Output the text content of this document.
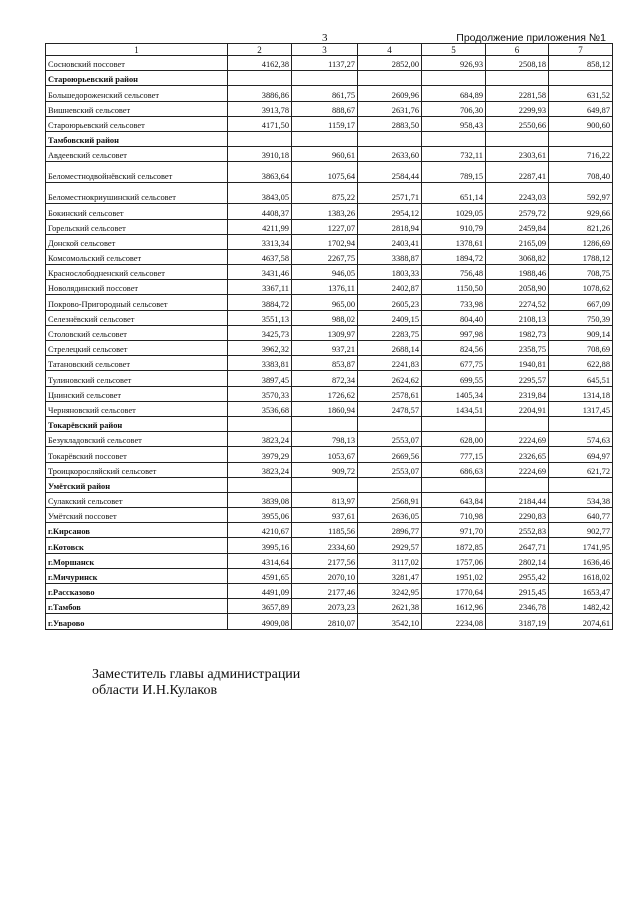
3	Продолжение приложения №1
1	2	3	4	5	6	7
Сосновский поссовет	4162,38	1137,27	2852,00	926,93	2508,18	858,12
Староюрьевский район						
Большедороженский сельсовет	3886,86	861,75	2609,96	684,89	2281,58	631,52
Вишневский сельсовет	3913,78	888,67	2631,76	706,30	2299,93	649,87
Староюрьевский сельсовет	4171,50	1159,17	2883,50	958,43	2550,66	900,60
Тамбовский район						
Авдеевский сельсовет	3910,18	960,61	2633,60	732,11	2303,61	716,22
Беломестнодвойнёвский сельсовет	3863,64	1075,64	2584,44	789,15	2287,41	708,40
Беломестнокриушинский сельсовет	3843,05	875,22	2571,71	651,14	2243,03	592,97
Бокинский сельсовет	4408,37	1383,26	2954,12	1029,05	2579,72	929,66
Горельский сельсовет	4211,99	1227,07	2818,94	910,79	2459,84	821,26
Донской сельсовет	3313,34	1702,94	2403,41	1378,61	2165,09	1286,69
Комсомольский сельсовет	4637,58	2267,75	3388,87	1894,72	3068,82	1788,12
Краснослободненский сельсовет	3431,46	946,05	1803,33	756,48	1988,46	708,75
Новолядинский поссовет	3367,11	1376,11	2402,87	1150,50	2058,90	1078,62
Покрово-Пригородный сельсовет	3884,72	965,00	2605,23	733,98	2274,52	667,09
Селезнёвский сельсовет	3551,13	988,02	2409,15	804,40	2108,13	750,39
Столовский сельсовет	3425,73	1309,97	2283,75	997,98	1982,73	909,14
Стрелецкий сельсовет	3962,32	937,21	2688,14	824,56	2358,75	708,69
Татановский сельсовет	3383,81	853,87	2241,83	677,75	1940,81	622,88
Тулиновский сельсовет	3897,45	872,34	2624,62	699,55	2295,57	645,51
Цнинский сельсовет	3570,33	1726,62	2578,61	1405,34	2319,84	1314,18
Черняновский сельсовет	3536,68	1860,94	2478,57	1434,51	2204,91	1317,45
Токарёвский район						
Безукладовский сельсовет	3823,24	798,13	2553,07	628,00	2224,69	574,63
Токарёвский поссовет	3979,29	1053,67	2669,56	777,15	2326,65	694,97
Троицкоросляйский сельсовет	3823,24	909,72	2553,07	686,63	2224,69	621,72
Умётский район						
Сулакский сельсовет	3839,08	813,97	2568,91	643,84	2184,44	534,38
Умётский поссовет	3955,06	937,61	2636,05	710,98	2290,83	640,77
г.Кирсанов	4210,67	1185,56	2896,77	971,70	2552,83	902,77
г.Котовск	3995,16	2334,60	2929,57	1872,85	2647,71	1741,95
г.Моршанск	4314,64	2177,56	3117,02	1757,06	2802,14	1636,46
г.Мичуринск	4591,65	2070,10	3281,47	1951,02	2955,42	1618,02
г.Рассказово	4491,09	2177,46	3242,95	1770,64	2915,45	1653,47
г.Тамбов	3657,89	2073,23	2621,38	1612,96	2346,78	1482,42
г.Уварово	4909,08	2810,07	3542,10	2234,08	3187,19	2074,61
Заместитель главы администрации
области И.Н.Кулаков
